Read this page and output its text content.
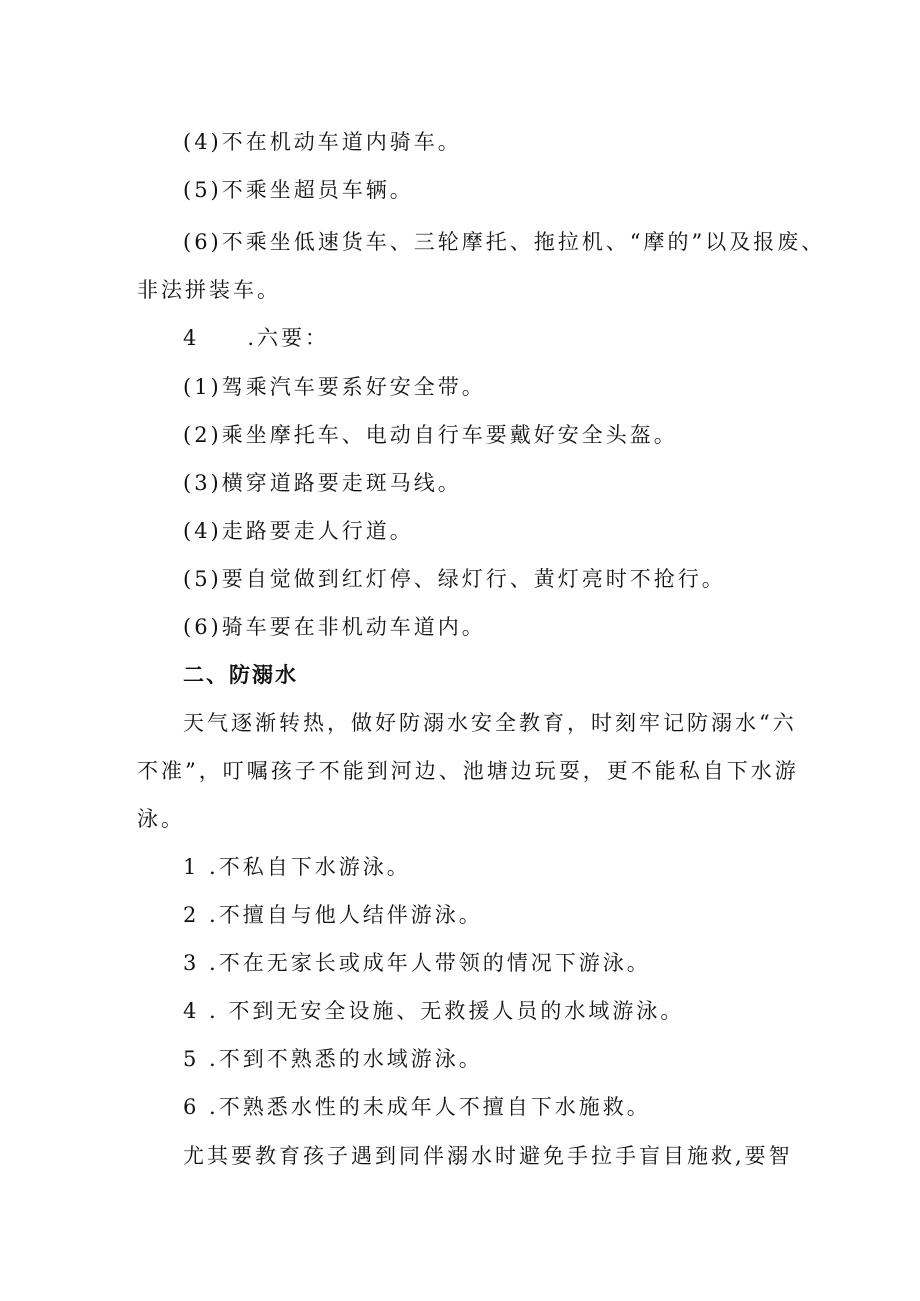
(4)不在机动车道内骑车。
(5)不乘坐超员车辆。
(6)不乘坐低速货车、三轮摩托、拖拉机、“摩的”以及报废、
非法拼装车。
4 .六要：
(1)驾乘汽车要系好安全带。
(2)乘坐摩托车、电动自行车要戴好安全头盔。
(3)横穿道路要走斑马线。
(4)走路要走人行道。
(5)要自觉做到红灯停、绿灯行、黄灯亮时不抢行。
(6)骑车要在非机动车道内。
二、防溺水
天气逐渐转热，做好防溺水安全教育，时刻牢记防溺水“六
不准”，叮嘱孩子不能到河边、池塘边玩耍，更不能私自下水游
泳。
1 .不私自下水游泳。
2 .不擅自与他人结伴游泳。
3 .不在无家长或成年人带领的情况下游泳。
4 . 不到无安全设施、无救援人员的水域游泳。
5 .不到不熟悉的水域游泳。
6 .不熟悉水性的未成年人不擅自下水施救。
尤其要教育孩子遇到同伴溺水时避免手拉手盲目施救,要智
